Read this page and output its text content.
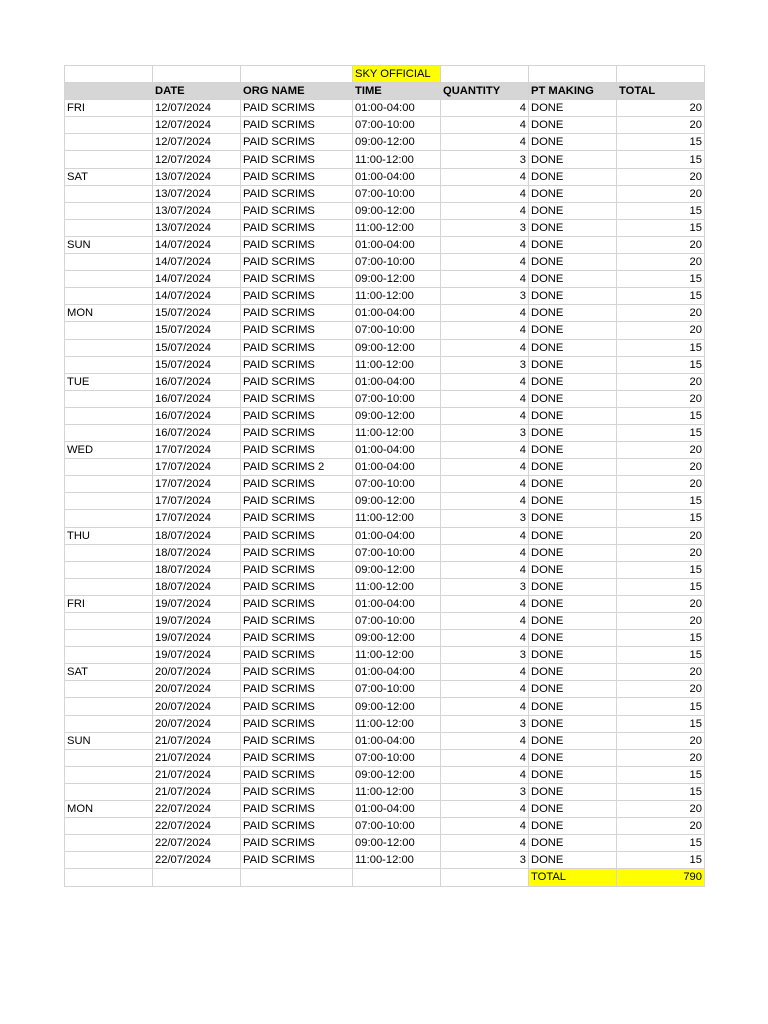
			SKY OFFICIAL			
	DATE	ORG NAME	TIME	QUANTITY	PT MAKING	TOTAL
FRI	12/07/2024	PAID SCRIMS	01:00-04:00	4	DONE	20
	12/07/2024	PAID SCRIMS	07:00-10:00	4	DONE	20
	12/07/2024	PAID SCRIMS	09:00-12:00	4	DONE	15
	12/07/2024	PAID SCRIMS	11:00-12:00	3	DONE	15
SAT	13/07/2024	PAID SCRIMS	01:00-04:00	4	DONE	20
	13/07/2024	PAID SCRIMS	07:00-10:00	4	DONE	20
	13/07/2024	PAID SCRIMS	09:00-12:00	4	DONE	15
	13/07/2024	PAID SCRIMS	11:00-12:00	3	DONE	15
SUN	14/07/2024	PAID SCRIMS	01:00-04:00	4	DONE	20
	14/07/2024	PAID SCRIMS	07:00-10:00	4	DONE	20
	14/07/2024	PAID SCRIMS	09:00-12:00	4	DONE	15
	14/07/2024	PAID SCRIMS	11:00-12:00	3	DONE	15
MON	15/07/2024	PAID SCRIMS	01:00-04:00	4	DONE	20
	15/07/2024	PAID SCRIMS	07:00-10:00	4	DONE	20
	15/07/2024	PAID SCRIMS	09:00-12:00	4	DONE	15
	15/07/2024	PAID SCRIMS	11:00-12:00	3	DONE	15
TUE	16/07/2024	PAID SCRIMS	01:00-04:00	4	DONE	20
	16/07/2024	PAID SCRIMS	07:00-10:00	4	DONE	20
	16/07/2024	PAID SCRIMS	09:00-12:00	4	DONE	15
	16/07/2024	PAID SCRIMS	11:00-12:00	3	DONE	15
WED	17/07/2024	PAID SCRIMS	01:00-04:00	4	DONE	20
	17/07/2024	PAID SCRIMS 2	01:00-04:00	4	DONE	20
	17/07/2024	PAID SCRIMS	07:00-10:00	4	DONE	20
	17/07/2024	PAID SCRIMS	09:00-12:00	4	DONE	15
	17/07/2024	PAID SCRIMS	11:00-12:00	3	DONE	15
THU	18/07/2024	PAID SCRIMS	01:00-04:00	4	DONE	20
	18/07/2024	PAID SCRIMS	07:00-10:00	4	DONE	20
	18/07/2024	PAID SCRIMS	09:00-12:00	4	DONE	15
	18/07/2024	PAID SCRIMS	11:00-12:00	3	DONE	15
FRI	19/07/2024	PAID SCRIMS	01:00-04:00	4	DONE	20
	19/07/2024	PAID SCRIMS	07:00-10:00	4	DONE	20
	19/07/2024	PAID SCRIMS	09:00-12:00	4	DONE	15
	19/07/2024	PAID SCRIMS	11:00-12:00	3	DONE	15
SAT	20/07/2024	PAID SCRIMS	01:00-04:00	4	DONE	20
	20/07/2024	PAID SCRIMS	07:00-10:00	4	DONE	20
	20/07/2024	PAID SCRIMS	09:00-12:00	4	DONE	15
	20/07/2024	PAID SCRIMS	11:00-12:00	3	DONE	15
SUN	21/07/2024	PAID SCRIMS	01:00-04:00	4	DONE	20
	21/07/2024	PAID SCRIMS	07:00-10:00	4	DONE	20
	21/07/2024	PAID SCRIMS	09:00-12:00	4	DONE	15
	21/07/2024	PAID SCRIMS	11:00-12:00	3	DONE	15
MON	22/07/2024	PAID SCRIMS	01:00-04:00	4	DONE	20
	22/07/2024	PAID SCRIMS	07:00-10:00	4	DONE	20
	22/07/2024	PAID SCRIMS	09:00-12:00	4	DONE	15
	22/07/2024	PAID SCRIMS	11:00-12:00	3	DONE	15
					TOTAL	790
